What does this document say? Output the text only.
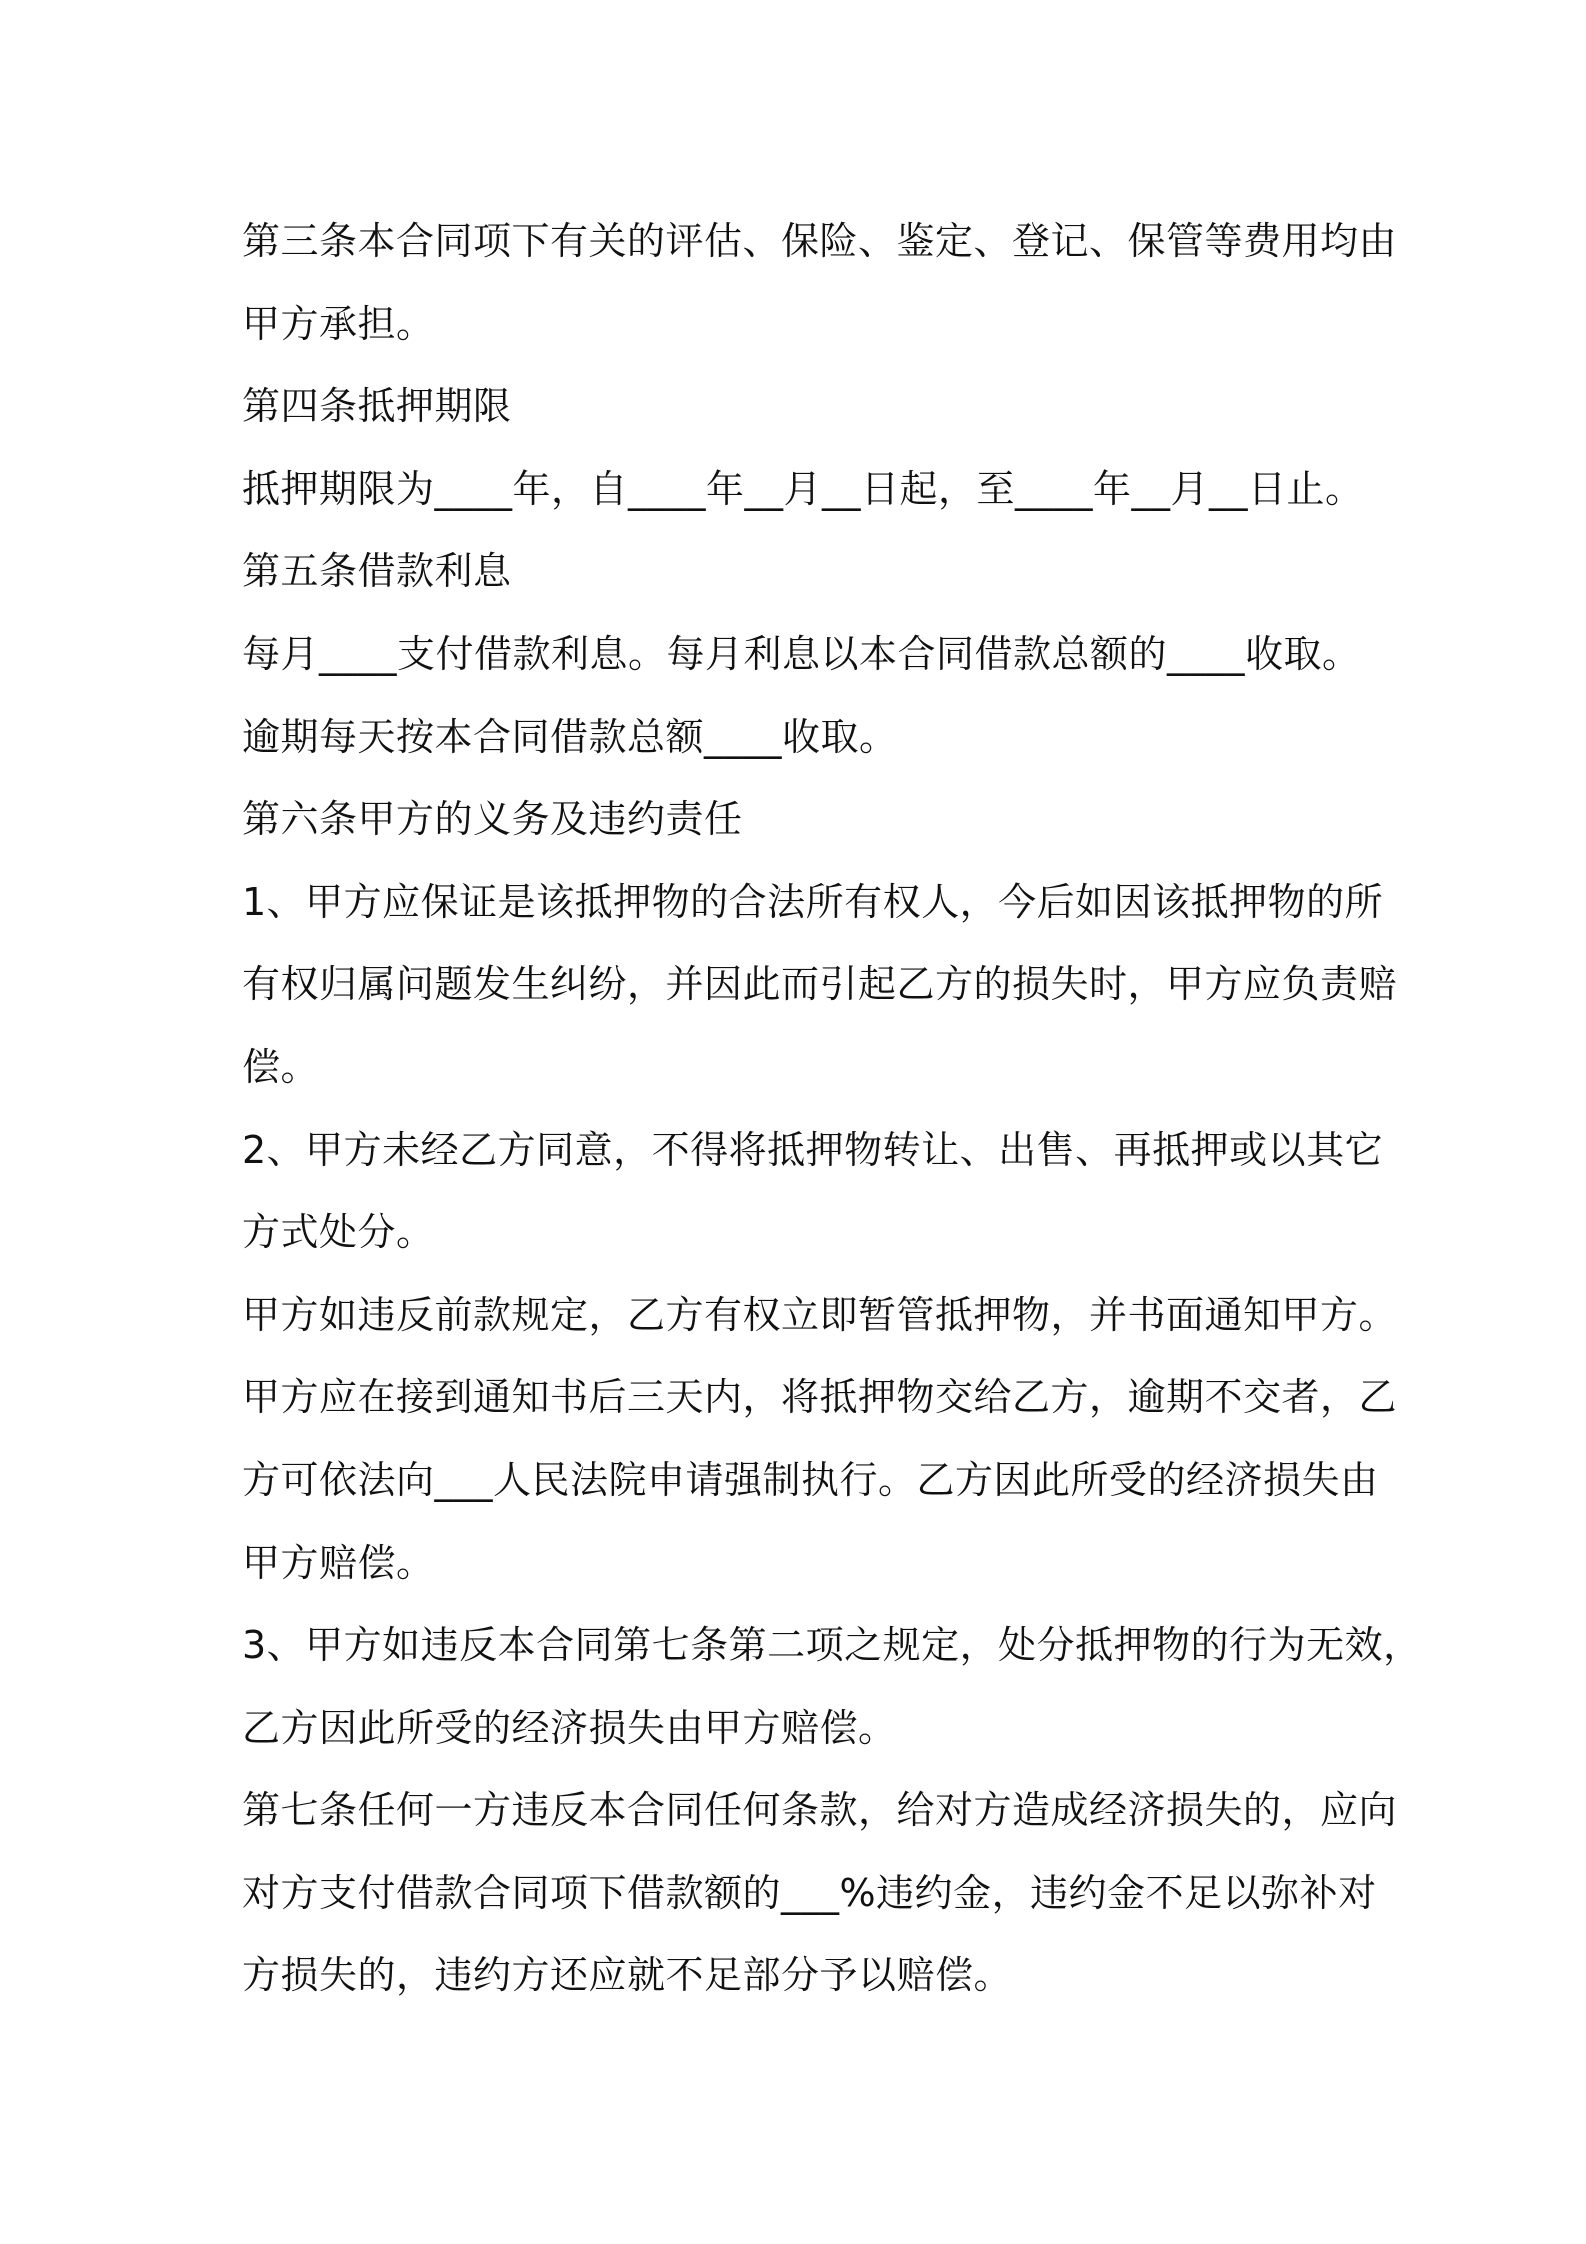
第三条本合同项下有关的评估、保险、鉴定、登记、保管等费用均由
甲方承担。
第四条抵押期限
抵押期限为____年，自____年__月__日起，至____年__月__日止。
第五条借款利息
每月____支付借款利息。每月利息以本合同借款总额的____收取。
逾期每天按本合同借款总额____收取。
第六条甲方的义务及违约责任
1、甲方应保证是该抵押物的合法所有权人，今后如因该抵押物的所
有权归属问题发生纠纷，并因此而引起乙方的损失时，甲方应负责赔
偿。
2、甲方未经乙方同意，不得将抵押物转让、出售、再抵押或以其它
方式处分。
甲方如违反前款规定，乙方有权立即暂管抵押物，并书面通知甲方。
甲方应在接到通知书后三天内，将抵押物交给乙方，逾期不交者，乙
方可依法向___人民法院申请强制执行。乙方因此所受的经济损失由
甲方赔偿。
3、甲方如违反本合同第七条第二项之规定，处分抵押物的行为无效，
乙方因此所受的经济损失由甲方赔偿。
第七条任何一方违反本合同任何条款，给对方造成经济损失的，应向
对方支付借款合同项下借款额的___%违约金，违约金不足以弥补对
方损失的，违约方还应就不足部分予以赔偿。
